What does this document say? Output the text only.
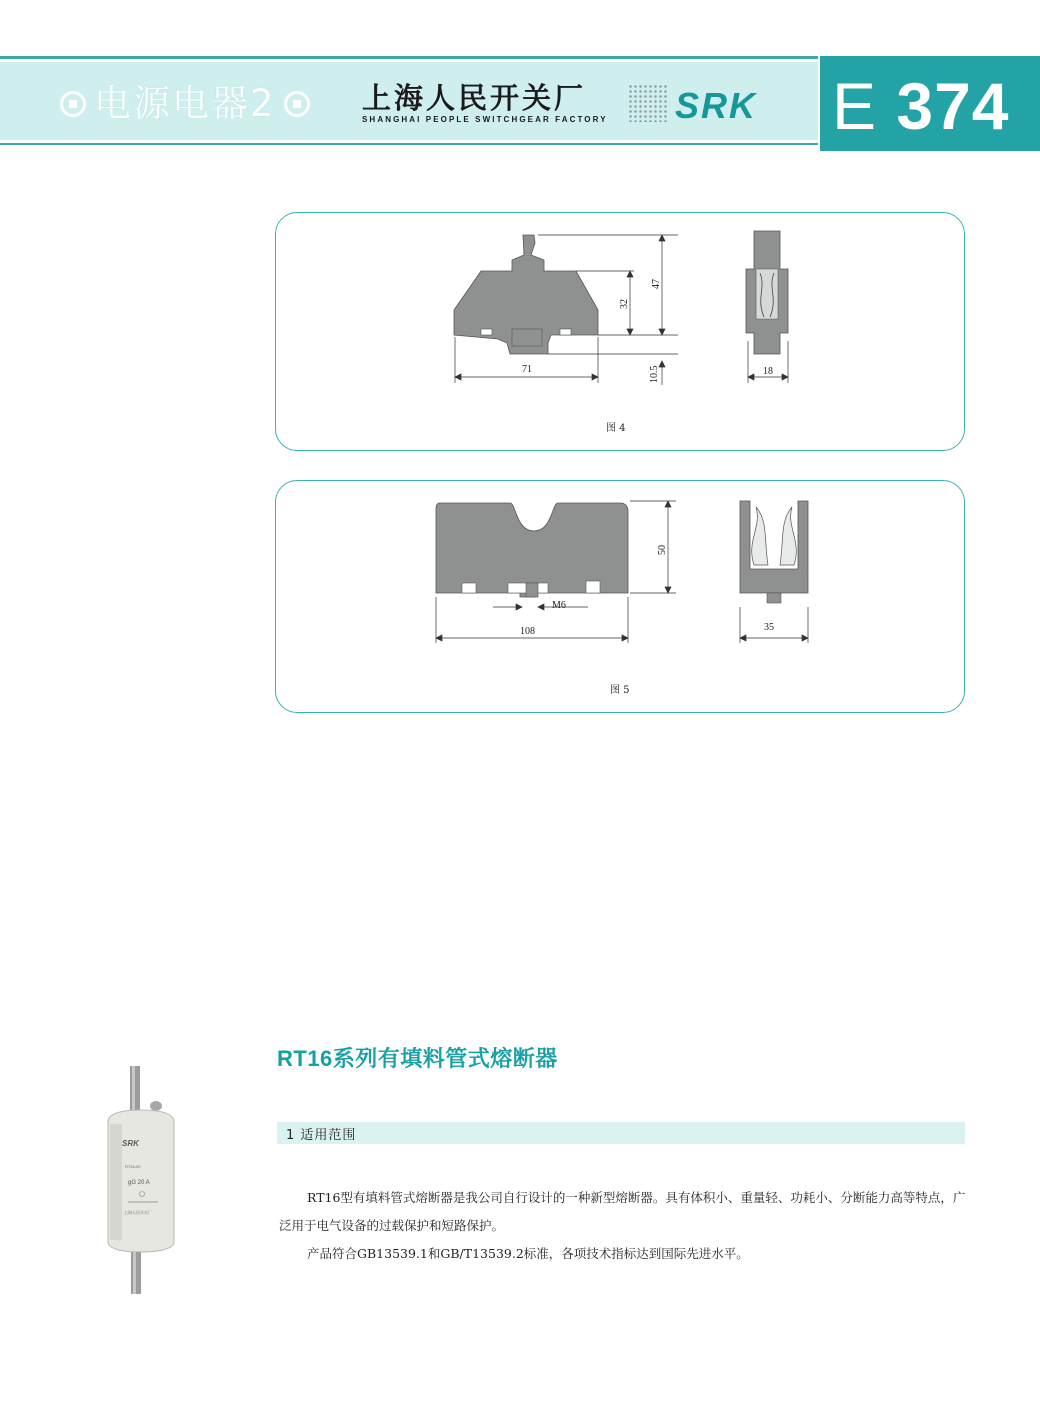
电源电器2	上海人民开关厂
SHANGHAI PEOPLE SWITCHGEAR FACTORY SRK E 374
71
47
32
10.5	18
图 4
M6
108
50
35
图 5
SRK
RT16-00
gG 20 A
上海人民开关厂
RT16系列有填料管式熔断器
1 适用范围
RT16型有填料管式熔断器是我公司自行设计的一种新型熔断器。具有体积小、重量轻、功耗小、分断能力高等特点，广泛用于电气设备的过载保护和短路保护。
产品符合GB13539.1和GB/T13539.2标准，各项技术指标达到国际先进水平。
